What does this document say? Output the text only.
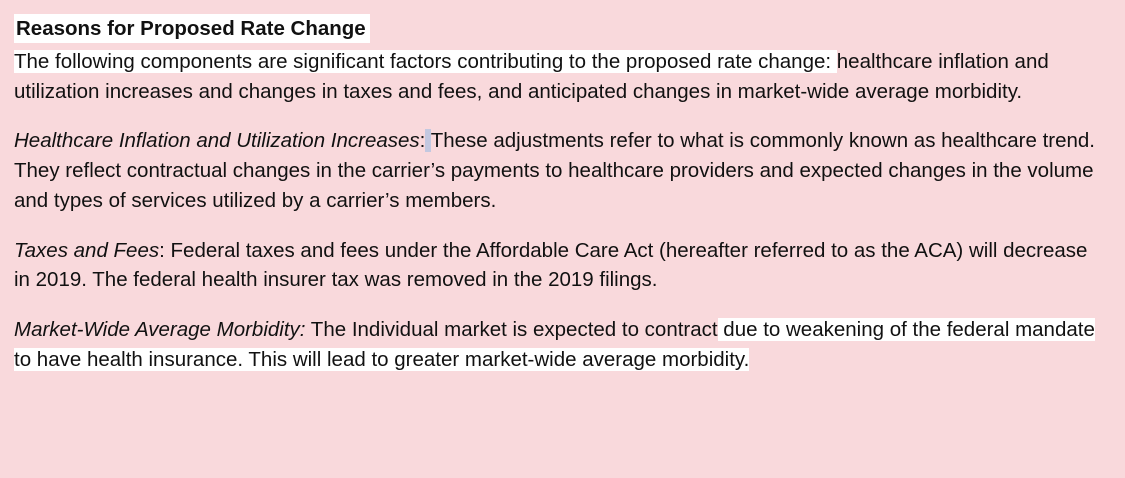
Reasons for Proposed Rate Change

The following components are significant factors contributing to the proposed rate change: healthcare inflation and utilization increases and changes in taxes and fees, and anticipated changes in market-wide average morbidity.

Healthcare Inflation and Utilization Increases: These adjustments refer to what is commonly known as healthcare trend. They reflect contractual changes in the carrier’s payments to healthcare providers and expected changes in the volume and types of services utilized by a carrier’s members.

Taxes and Fees: Federal taxes and fees under the Affordable Care Act (hereafter referred to as the ACA) will decrease in 2019. The federal health insurer tax was removed in the 2019 filings.

Market-Wide Average Morbidity: The Individual market is expected to contract due to weakening of the federal mandate to have health insurance. This will lead to greater market-wide average morbidity.
